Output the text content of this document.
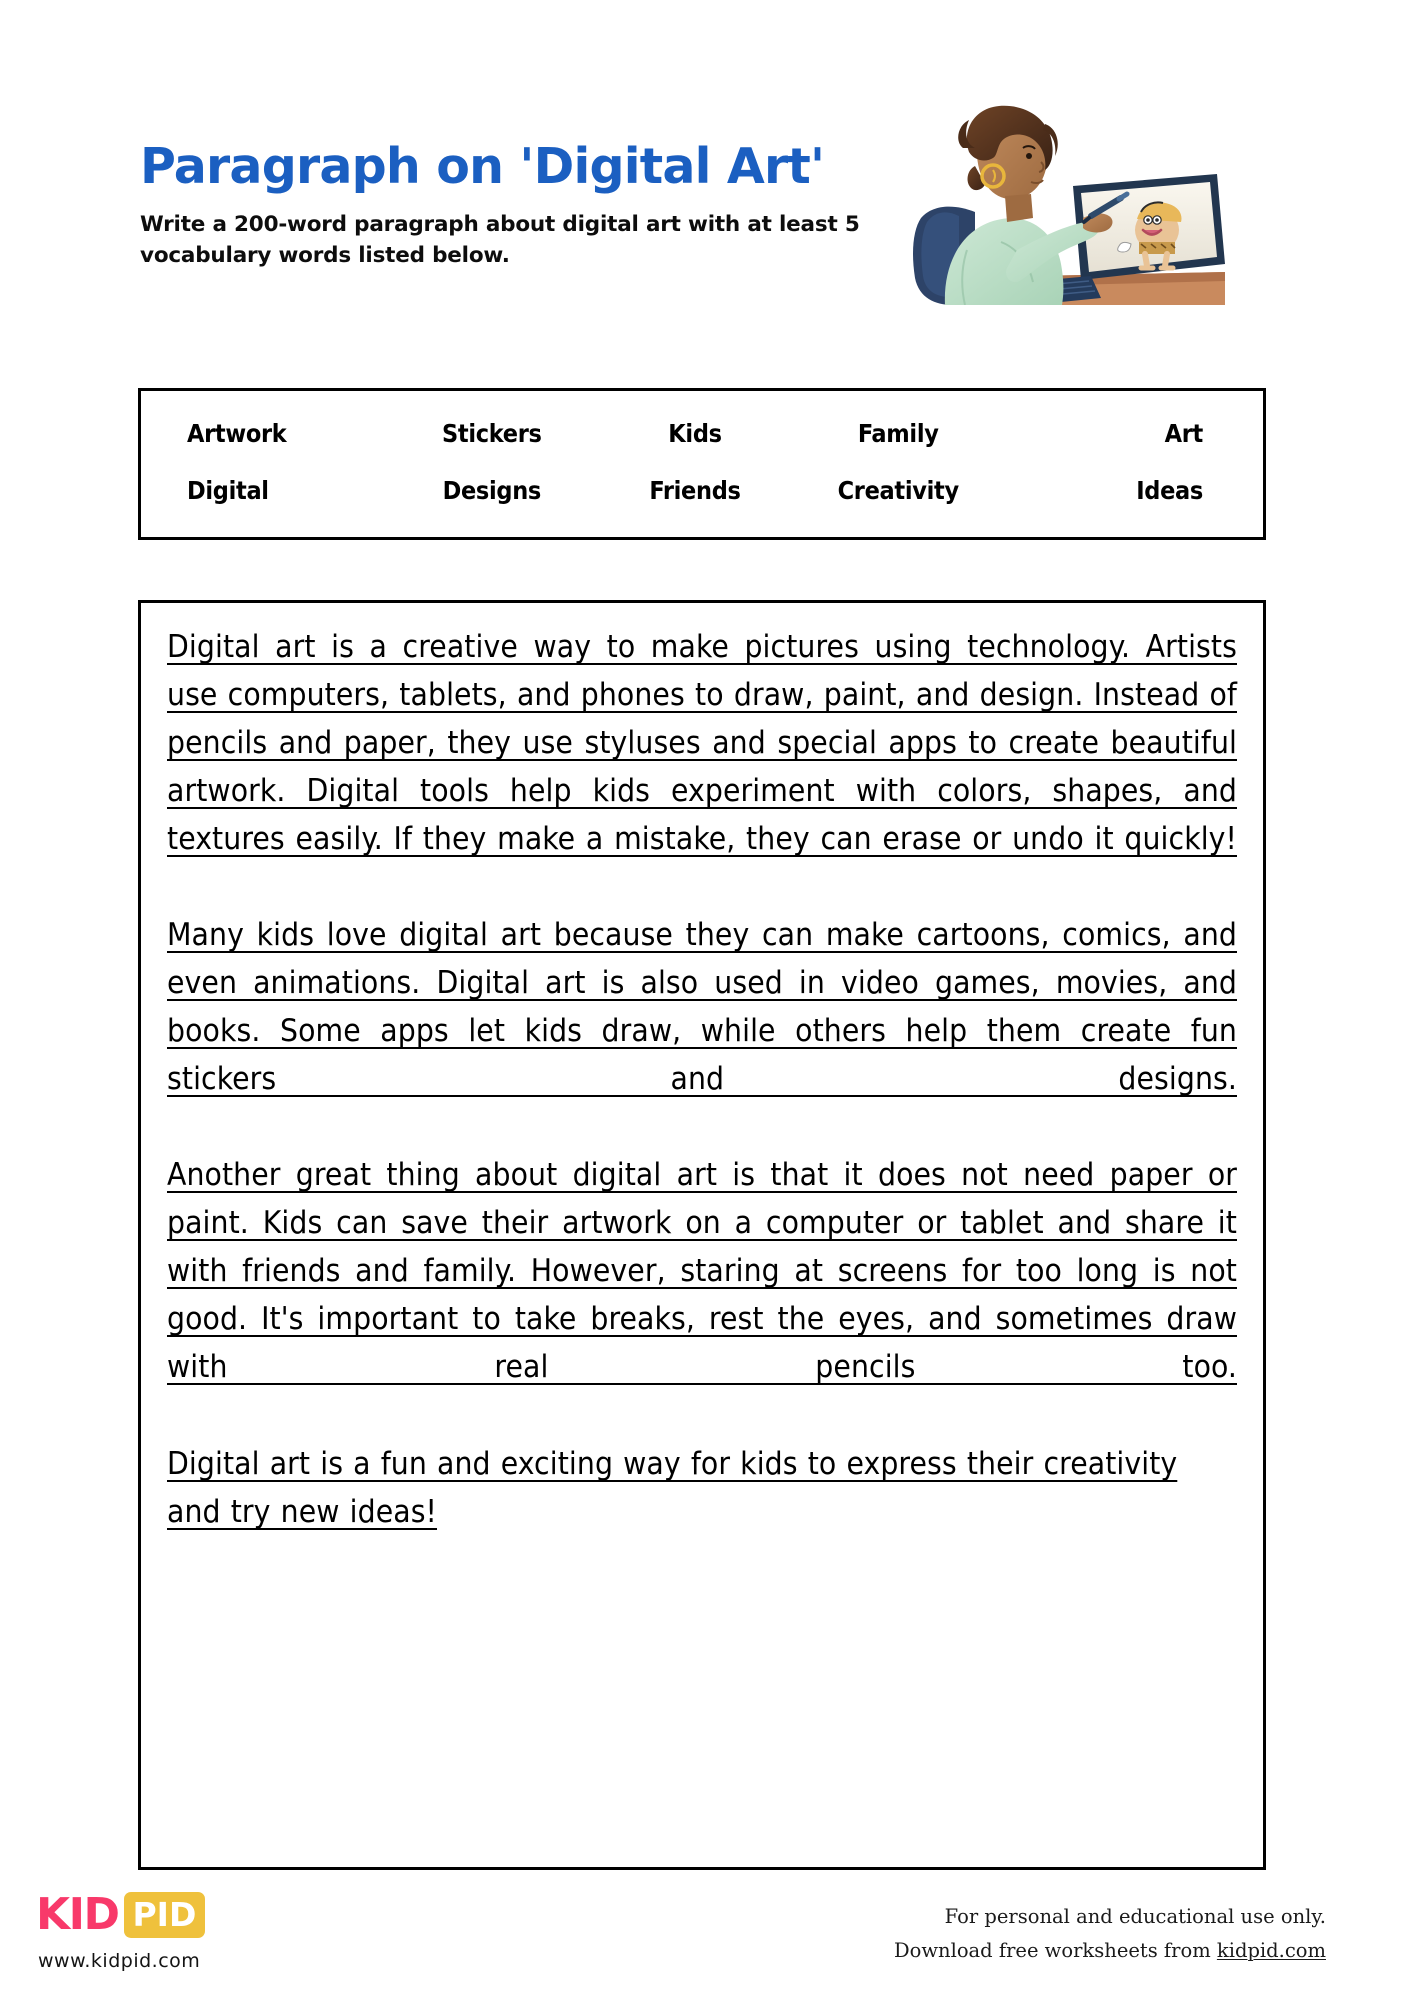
Paragraph on 'Digital Art'
Write a 200-word paragraph about digital art with at least 5 vocabulary words listed below.
Artwork	Stickers	Kids	Family	Art
Digital	Designs	Friends	Creativity	Ideas

Digital art is a creative way to make pictures using technology. Artists use computers, tablets, and phones to draw, paint, and design. Instead of pencils and paper, they use styluses and special apps to create beautiful artwork. Digital tools help kids experiment with colors, shapes, and textures easily. If they make a mistake, they can erase or undo it quickly!

Many kids love digital art because they can make cartoons, comics, and even animations. Digital art is also used in video games, movies, and books. Some apps let kids draw, while others help them create fun stickers and designs.

Another great thing about digital art is that it does not need paper or paint. Kids can save their artwork on a computer or tablet and share it with friends and family. However, staring at screens for too long is not good. It's important to take breaks, rest the eyes, and sometimes draw with real pencils too.

Digital art is a fun and exciting way for kids to express their creativity and try new ideas!

KID PID
www.kidpid.com
For personal and educational use only.
Download free worksheets from kidpid.com
